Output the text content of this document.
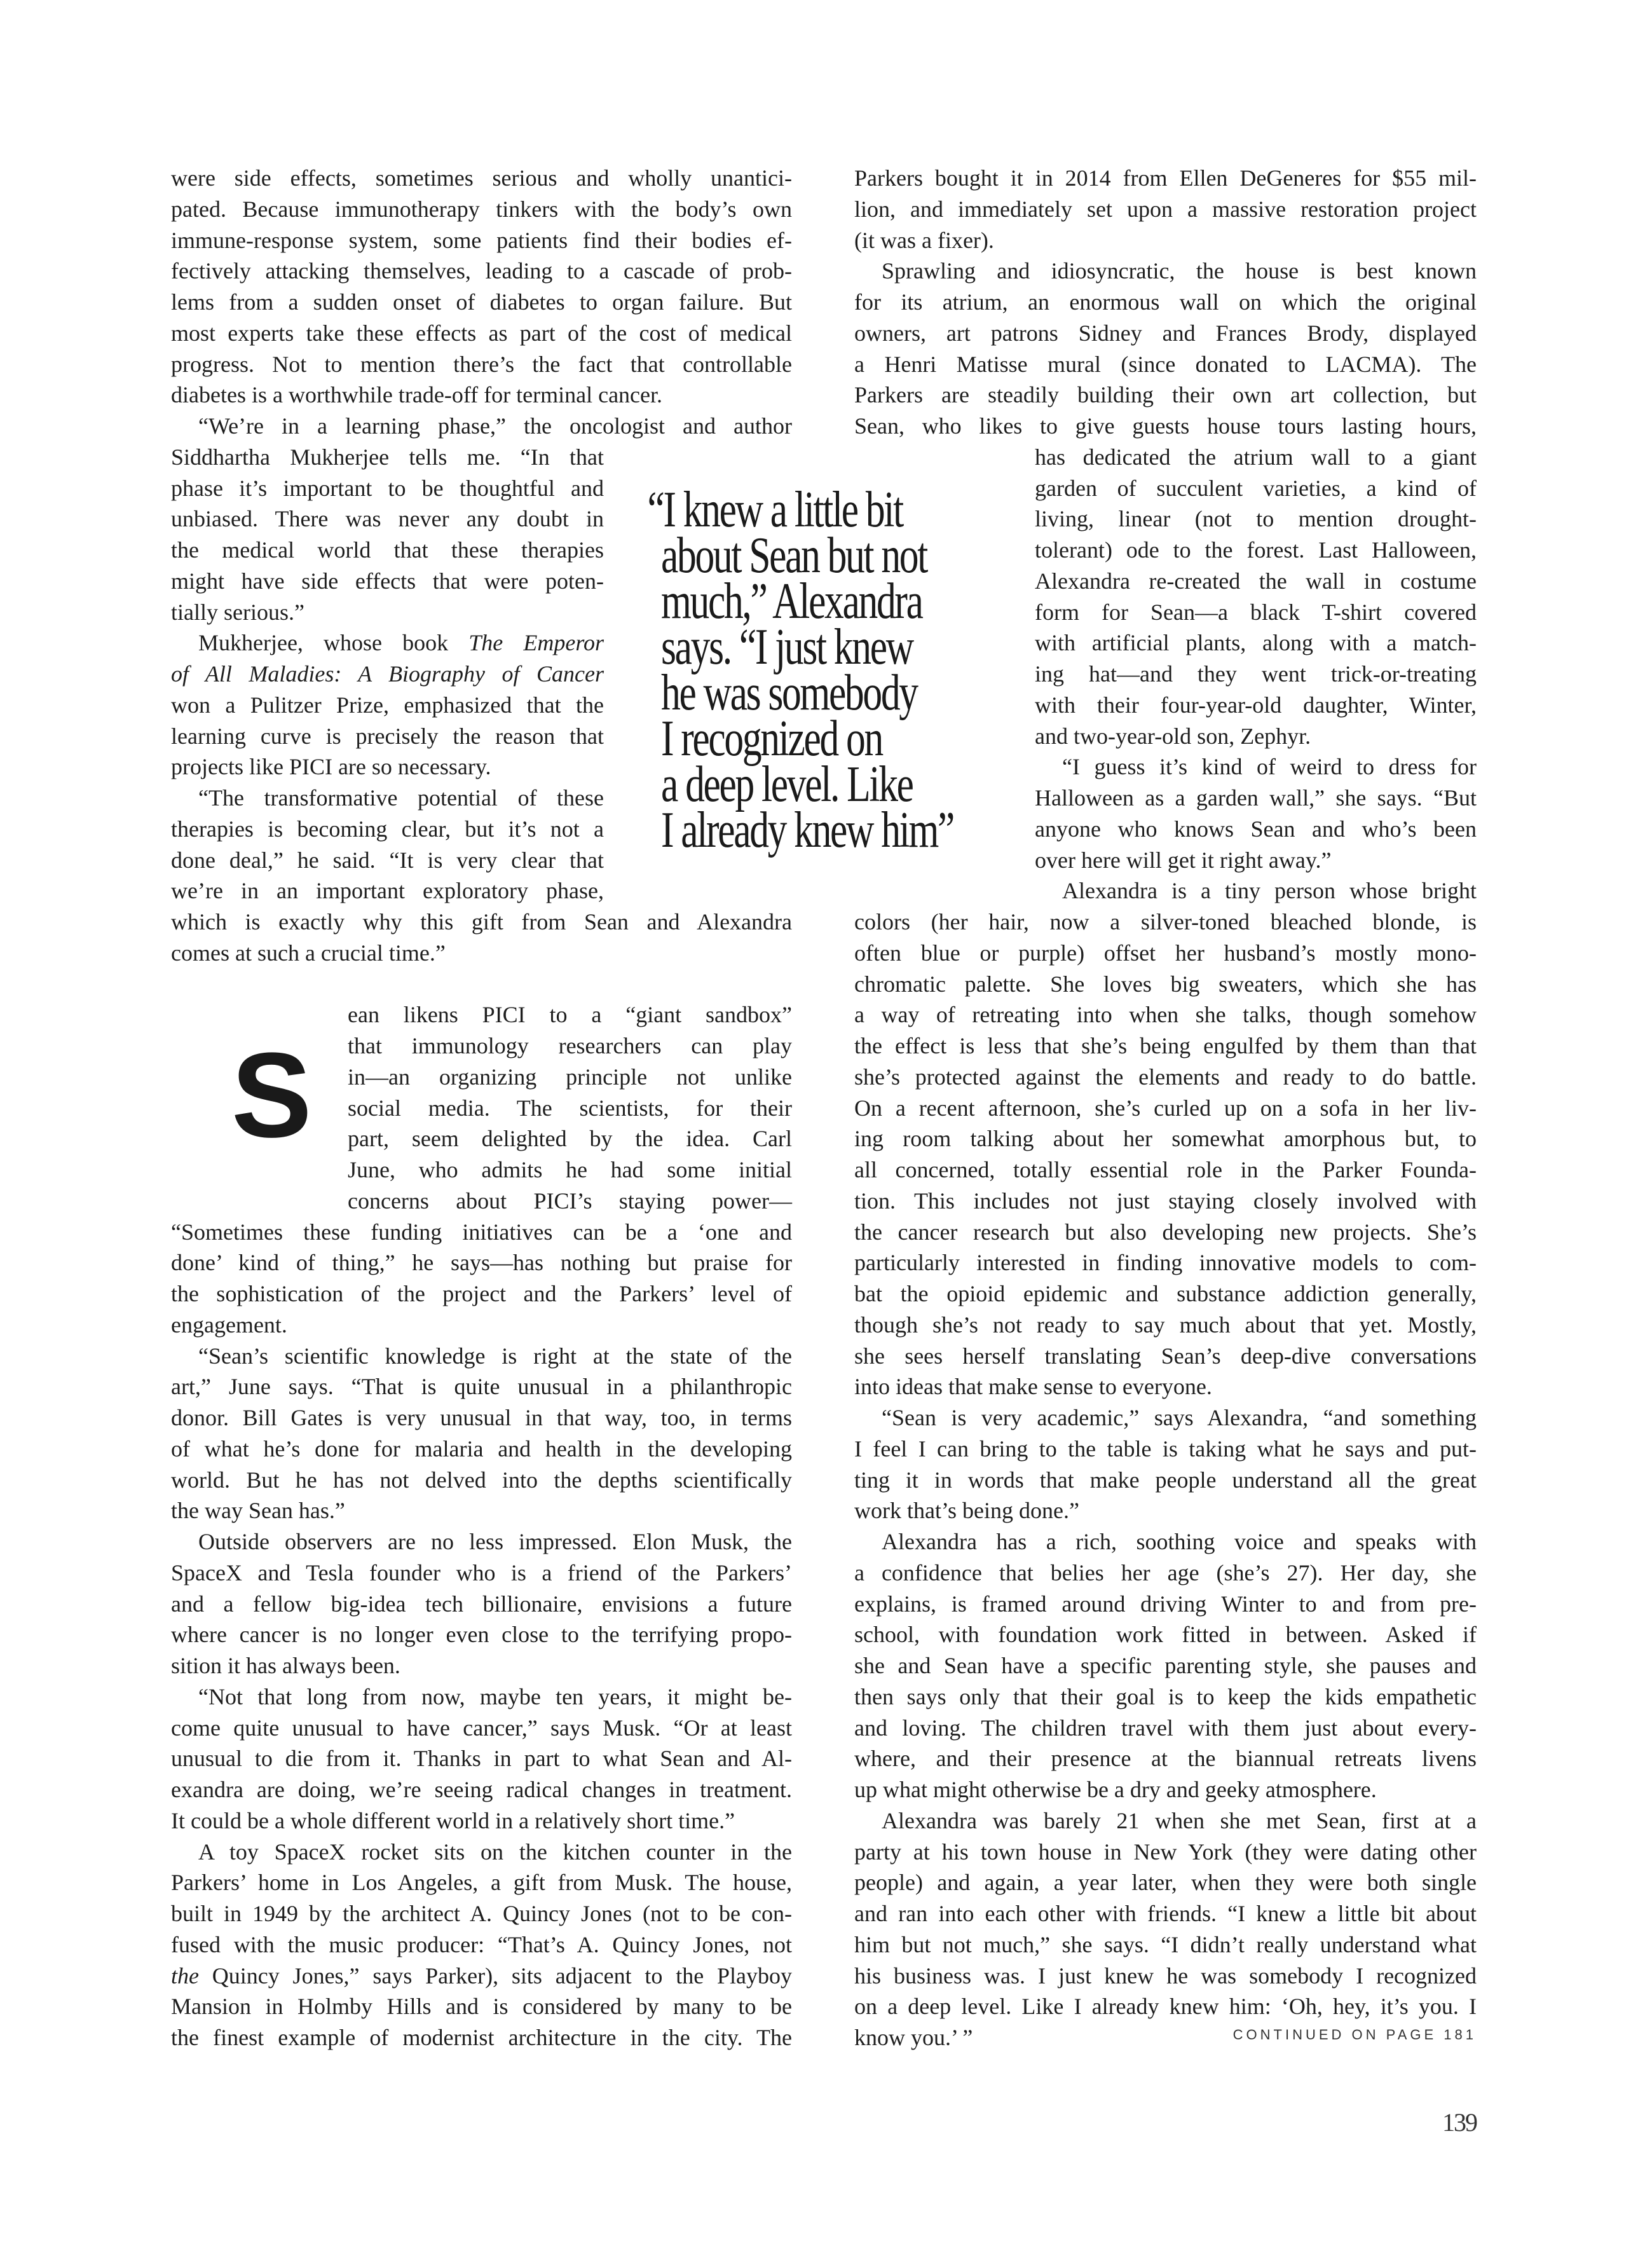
were side effects, sometimes serious and wholly unantici-
pated. Because immunotherapy tinkers with the body’s own
immune-response system, some patients find their bodies ef-
fectively attacking themselves, leading to a cascade of prob-
lems from a sudden onset of diabetes to organ failure. But
most experts take these effects as part of the cost of medical
progress. Not to mention there’s the fact that controllable
diabetes is a worthwhile trade-off for terminal cancer.
“We’re in a learning phase,” the oncologist and author
Siddhartha Mukherjee tells me. “In that
phase it’s important to be thoughtful and
unbiased. There was never any doubt in
the medical world that these therapies
might have side effects that were poten-
tially serious.”
Mukherjee, whose book The Emperor
of All Maladies: A Biography of Cancer
won a Pulitzer Prize, emphasized that the
learning curve is precisely the reason that
projects like PICI are so necessary.
“The transformative potential of these
therapies is becoming clear, but it’s not a
done deal,” he said. “It is very clear that
we’re in an important exploratory phase,
which is exactly why this gift from Sean and Alexandra
comes at such a crucial time.”
ean likens PICI to a “giant sandbox”
that immunology researchers can play
in—an organizing principle not unlike
social media. The scientists, for their
part, seem delighted by the idea. Carl
June, who admits he had some initial
concerns about PICI’s staying power—
“Sometimes these funding initiatives can be a ‘one and
done’ kind of thing,” he says—has nothing but praise for
the sophistication of the project and the Parkers’ level of
engagement.
“Sean’s scientific knowledge is right at the state of the
art,” June says. “That is quite unusual in a philanthropic
donor. Bill Gates is very unusual in that way, too, in terms
of what he’s done for malaria and health in the developing
world. But he has not delved into the depths scientifically
the way Sean has.”
Outside observers are no less impressed. Elon Musk, the
SpaceX and Tesla founder who is a friend of the Parkers’
and a fellow big-idea tech billionaire, envisions a future
where cancer is no longer even close to the terrifying propo-
sition it has always been.
“Not that long from now, maybe ten years, it might be-
come quite unusual to have cancer,” says Musk. “Or at least
unusual to die from it. Thanks in part to what Sean and Al-
exandra are doing, we’re seeing radical changes in treatment.
It could be a whole different world in a relatively short time.”
A toy SpaceX rocket sits on the kitchen counter in the
Parkers’ home in Los Angeles, a gift from Musk. The house,
built in 1949 by the architect A. Quincy Jones (not to be con-
fused with the music producer: “That’s A. Quincy Jones, not
the Quincy Jones,” says Parker), sits adjacent to the Playboy
Mansion in Holmby Hills and is considered by many to be
the finest example of modernist architecture in the city. The
Parkers bought it in 2014 from Ellen DeGeneres for $55 mil-
lion, and immediately set upon a massive restoration project
(it was a fixer).
Sprawling and idiosyncratic, the house is best known
for its atrium, an enormous wall on which the original
owners, art patrons Sidney and Frances Brody, displayed
a Henri Matisse mural (since donated to LACMA). The
Parkers are steadily building their own art collection, but
Sean, who likes to give guests house tours lasting hours,
has dedicated the atrium wall to a giant
garden of succulent varieties, a kind of
living, linear (not to mention drought-
tolerant) ode to the forest. Last Halloween,
Alexandra re-created the wall in costume
form for Sean—a black T-shirt covered
with artificial plants, along with a match-
ing hat—and they went trick-or-treating
with their four-year-old daughter, Winter,
and two-year-old son, Zephyr.
“I guess it’s kind of weird to dress for
Halloween as a garden wall,” she says. “But
anyone who knows Sean and who’s been
over here will get it right away.”
Alexandra is a tiny person whose bright
colors (her hair, now a silver-toned bleached blonde, is
often blue or purple) offset her husband’s mostly mono-
chromatic palette. She loves big sweaters, which she has
a way of retreating into when she talks, though somehow
the effect is less that she’s being engulfed by them than that
she’s protected against the elements and ready to do battle.
On a recent afternoon, she’s curled up on a sofa in her liv-
ing room talking about her somewhat amorphous but, to
all concerned, totally essential role in the Parker Founda-
tion. This includes not just staying closely involved with
the cancer research but also developing new projects. She’s
particularly interested in finding innovative models to com-
bat the opioid epidemic and substance addiction generally,
though she’s not ready to say much about that yet. Mostly,
she sees herself translating Sean’s deep-dive conversations
into ideas that make sense to everyone.
“Sean is very academic,” says Alexandra, “and something
I feel I can bring to the table is taking what he says and put-
ting it in words that make people understand all the great
work that’s being done.”
Alexandra has a rich, soothing voice and speaks with
a confidence that belies her age (she’s 27). Her day, she
explains, is framed around driving Winter to and from pre-
school, with foundation work fitted in between. Asked if
she and Sean have a specific parenting style, she pauses and
then says only that their goal is to keep the kids empathetic
and loving. The children travel with them just about every-
where, and their presence at the biannual retreats livens
up what might otherwise be a dry and geeky atmosphere.
Alexandra was barely 21 when she met Sean, first at a
party at his town house in New York (they were dating other
people) and again, a year later, when they were both single
and ran into each other with friends. “I knew a little bit about
him but not much,” she says. “I didn’t really understand what
his business was. I just knew he was somebody I recognized
on a deep level. Like I already knew him: ‘Oh, hey, it’s you. I
know you.’ ”
S
“I knew a little bit
about Sean but not
much,” Alexandra
says. “I just knew
he was somebody
I recognized on
a deep level. Like
I already knew him”
CONTINUED ON PAGE 181
139
